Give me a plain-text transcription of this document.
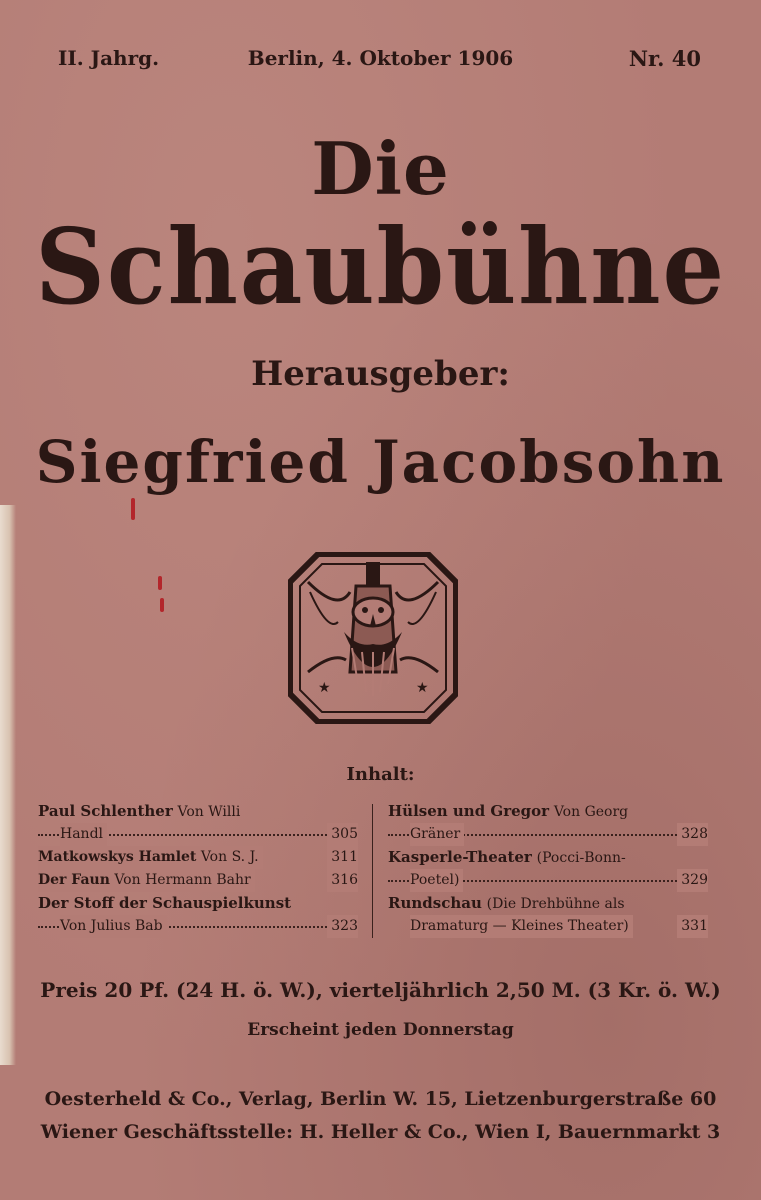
II. Jahrg.	Berlin, 4. Oktober 1906	Nr. 40
Die
Schaubühne
Herausgeber:
Siegfried Jacobsohn
★	★
Inhalt:
Paul Schlenther Von Willi
Handl	305
Matkowskys Hamlet Von S. J.	311
Der Faun Von Hermann Bahr	316
Der Stoff der Schauspielkunst
Von Julius Bab	323
Hülsen und Gregor Von Georg
Gräner	328
Kasperle-Theater (Pocci-Bonn-
Poetel)	329
Rundschau (Die Drehbühne als
Dramaturg — Kleines Theater)	331
Preis 20 Pf. (24 H. ö. W.), vierteljährlich 2,50 M. (3 Kr. ö. W.)
Erscheint jeden Donnerstag
Oesterheld & Co., Verlag, Berlin W. 15, Lietzenburgerstraße 60
Wiener Geschäftsstelle: H. Heller & Co., Wien I, Bauernmarkt 3
